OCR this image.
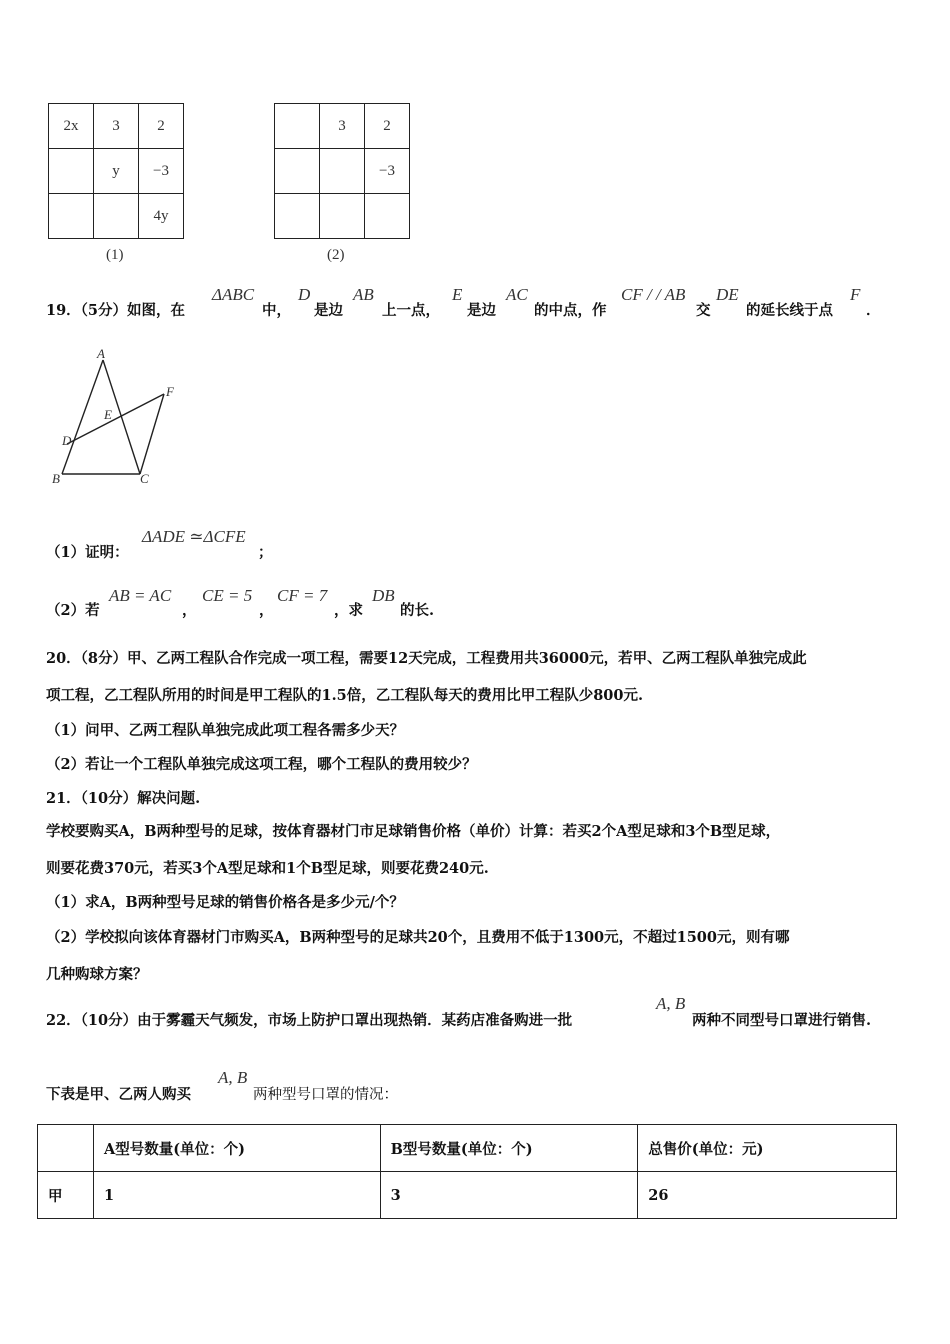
2x	3	2
	y	−3
		4y
(1)
	3	2
		−3

(2)
19．（5分）如图，在
ΔABC
中，
D
是边
AB
上一点，
E
是边
AC
的中点，作
CF / / AB
交
DE
的延长线于点
F
．
A
B	C
D
E
F
（1）证明：
ΔADE ≃ΔCFE
；
（2）若
AB = AC
，
CE = 5
，
CF = 7
，求
DB
的长.
20．（8分）甲、乙两工程队合作完成一项工程，需要12天完成，工程费用共36000元，若甲、乙两工程队单独完成此
项工程，乙工程队所用的时间是甲工程队的1.5倍，乙工程队每天的费用比甲工程队少800元.
（1）问甲、乙两工程队单独完成此项工程各需多少天？
（2）若让一个工程队单独完成这项工程，哪个工程队的费用较少？
21．（10分）解决问题.
学校要购买A，B两种型号的足球，按体育器材门市足球销售价格（单价）计算：若买2个A型足球和3个B型足球，
则要花费370元，若买3个A型足球和1个B型足球，则要花费240元.
（1）求A，B两种型号足球的销售价格各是多少元/个？
（2）学校拟向该体育器材门市购买A，B两种型号的足球共20个，且费用不低于1300元，不超过1500元，则有哪
几种购球方案？
22．（10分）由于雾霾天气频发，市场上防护口罩出现热销．某药店准备购进一批
A, B
两种不同型号口罩进行销售.
下表是甲、乙两人购买
A, B
两种型号口罩的情况：
	A型号数量(单位：个)	B型号数量(单位：个)	总售价(单位：元)
甲	1	3	26
